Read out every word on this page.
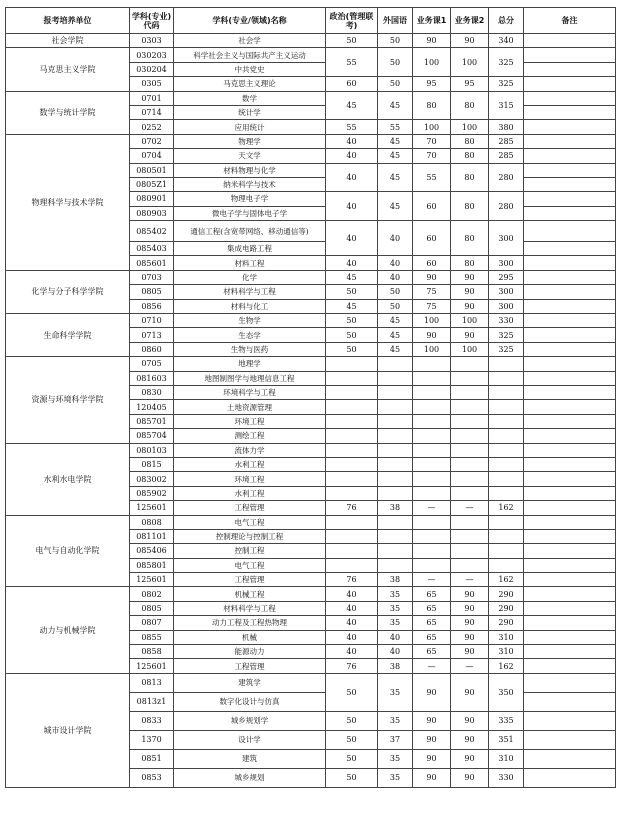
报考培养单位	学科(专业)代码	学科(专业/领域)名称	政治(管理联考)	外国语	业务课1	业务课2	总分	备注
社会学院	0303	社会学	50	50	90	90	340	
马克思主义学院	030203	科学社会主义与国际共产主义运动	55	50	100	100	325	
	030204	中共党史						
	0305	马克思主义理论	60	50	95	95	325	
数学与统计学院	0701	数学	45	45	80	80	315	
	0714	统计学						
	0252	应用统计	55	55	100	100	380	
物理科学与技术学院	0702	物理学	40	45	70	80	285	
	0704	天文学	40	45	70	80	285	
	080501	材料物理与化学	40	45	55	80	280	
	0805Z1	纳米科学与技术						
	080901	物理电子学	40	45	60	80	280	
	080903	微电子学与固体电子学						
	085402	通信工程(含宽带网络、移动通信等)	40	40	60	80	300	
	085403	集成电路工程						
	085601	材料工程	40	40	60	80	300	
化学与分子科学学院	0703	化学	45	40	90	90	295	
	0805	材料科学与工程	50	50	75	90	300	
	0856	材料与化工	45	50	75	90	300	
生命科学学院	0710	生物学	50	45	100	100	330	
	0713	生态学	50	45	90	90	325	
	0860	生物与医药	50	45	100	100	325	
资源与环境科学学院	0705	地理学						
	081603	地图制图学与地理信息工程						
	0830	环境科学与工程						
	120405	土地资源管理						
	085701	环境工程						
	085704	测绘工程						
水利水电学院	080103	流体力学						
	0815	水利工程						
	083002	环境工程						
	085902	水利工程						
	125601	工程管理	76	38	—	—	162	
电气与自动化学院	0808	电气工程						
	081101	控制理论与控制工程						
	085406	控制工程						
	085801	电气工程						
	125601	工程管理	76	38	—	—	162	
动力与机械学院	0802	机械工程	40	35	65	90	290	
	0805	材料科学与工程	40	35	65	90	290	
	0807	动力工程及工程热物理	40	35	65	90	290	
	0855	机械	40	40	65	90	310	
	0858	能源动力	40	40	65	90	310	
	125601	工程管理	76	38	—	—	162	
城市设计学院	0813	建筑学	50	35	90	90	350	
	0813z1	数字化设计与仿真						
	0833	城乡规划学	50	35	90	90	335	
	1370	设计学	50	37	90	90	351	
	0851	建筑	50	35	90	90	310	
	0853	城乡规划	50	35	90	90	330	
